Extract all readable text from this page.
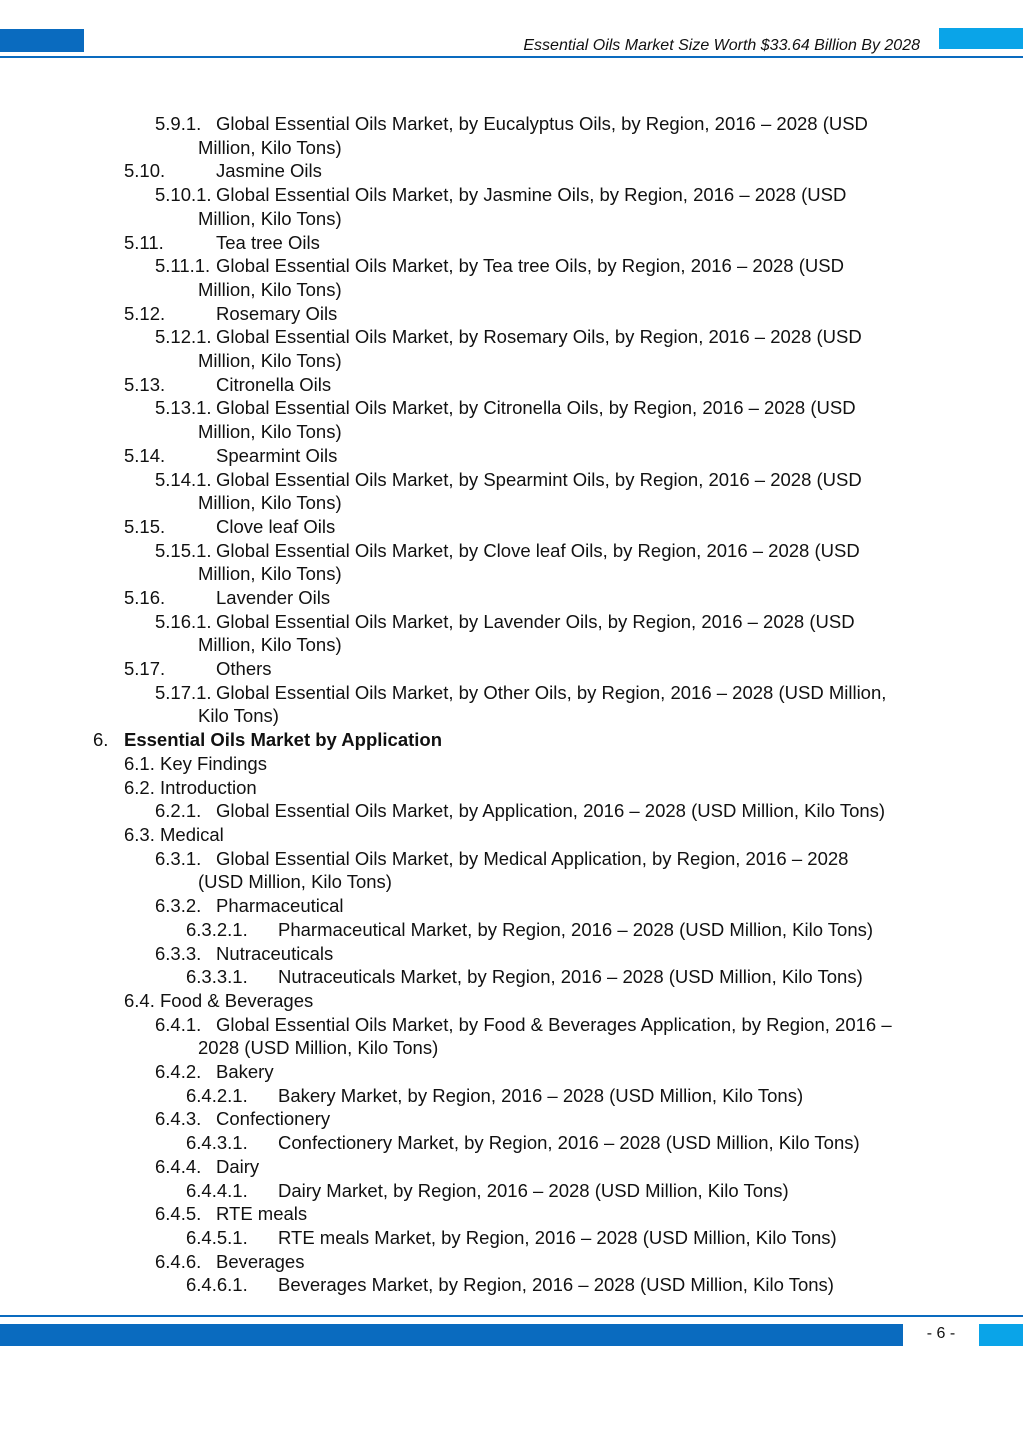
Essential Oils Market Size Worth $33.64 Billion By 2028
5.9.1. Global Essential Oils Market, by Eucalyptus Oils, by Region, 2016 – 2028 (USD
Million, Kilo Tons)
5.10.	Jasmine Oils
5.10.1. Global Essential Oils Market, by Jasmine Oils, by Region, 2016 – 2028 (USD
Million, Kilo Tons)
5.11.	Tea tree Oils
5.11.1. Global Essential Oils Market, by Tea tree Oils, by Region, 2016 – 2028 (USD
Million, Kilo Tons)
5.12.	Rosemary Oils
5.12.1. Global Essential Oils Market, by Rosemary Oils, by Region, 2016 – 2028 (USD
Million, Kilo Tons)
5.13.	Citronella Oils
5.13.1. Global Essential Oils Market, by Citronella Oils, by Region, 2016 – 2028 (USD
Million, Kilo Tons)
5.14.	Spearmint Oils
5.14.1. Global Essential Oils Market, by Spearmint Oils, by Region, 2016 – 2028 (USD
Million, Kilo Tons)
5.15.	Clove leaf Oils
5.15.1. Global Essential Oils Market, by Clove leaf Oils, by Region, 2016 – 2028 (USD
Million, Kilo Tons)
5.16.	Lavender Oils
5.16.1. Global Essential Oils Market, by Lavender Oils, by Region, 2016 – 2028 (USD
Million, Kilo Tons)
5.17.	Others
5.17.1. Global Essential Oils Market, by Other Oils, by Region, 2016 – 2028 (USD Million,
Kilo Tons)
6. Essential Oils Market by Application
6.1. Key Findings
6.2. Introduction
6.2.1. Global Essential Oils Market, by Application, 2016 – 2028 (USD Million, Kilo Tons)
6.3. Medical
6.3.1. Global Essential Oils Market, by Medical Application, by Region, 2016 – 2028
(USD Million, Kilo Tons)
6.3.2. Pharmaceutical
6.3.2.1. Pharmaceutical Market, by Region, 2016 – 2028 (USD Million, Kilo Tons)
6.3.3. Nutraceuticals
6.3.3.1. Nutraceuticals Market, by Region, 2016 – 2028 (USD Million, Kilo Tons)
6.4. Food & Beverages
6.4.1. Global Essential Oils Market, by Food & Beverages Application, by Region, 2016 –
2028 (USD Million, Kilo Tons)
6.4.2. Bakery
6.4.2.1. Bakery Market, by Region, 2016 – 2028 (USD Million, Kilo Tons)
6.4.3. Confectionery
6.4.3.1. Confectionery Market, by Region, 2016 – 2028 (USD Million, Kilo Tons)
6.4.4. Dairy
6.4.4.1. Dairy Market, by Region, 2016 – 2028 (USD Million, Kilo Tons)
6.4.5. RTE meals
6.4.5.1. RTE meals Market, by Region, 2016 – 2028 (USD Million, Kilo Tons)
6.4.6. Beverages
6.4.6.1. Beverages Market, by Region, 2016 – 2028 (USD Million, Kilo Tons)
- 6 -
